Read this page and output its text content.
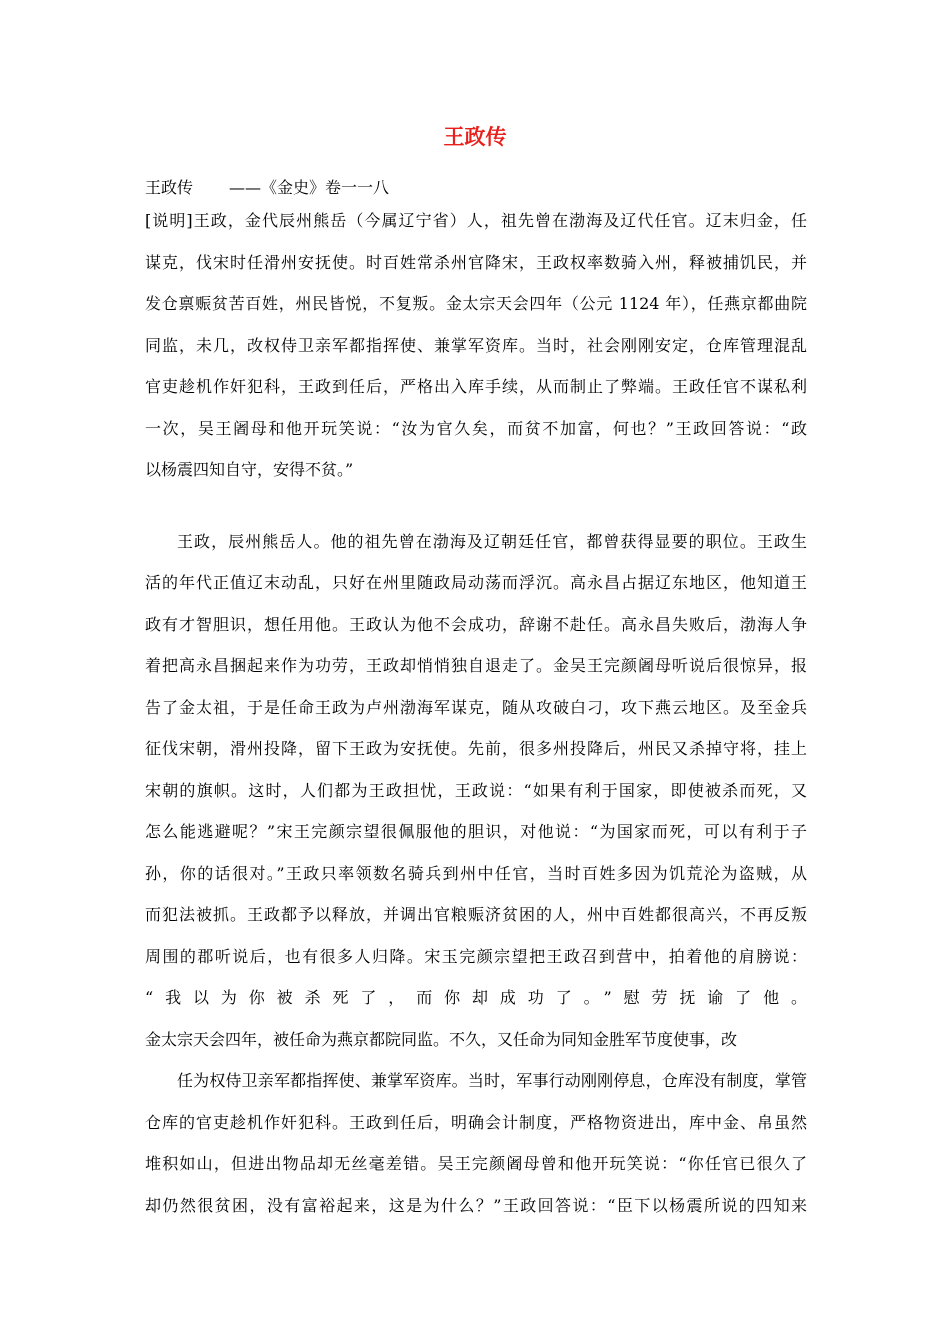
王政传
王政传 ——《金史》卷一一八
[说明]王政，金代辰州熊岳（今属辽宁省）人，祖先曾在渤海及辽代任官。辽末归金，任
谋克，伐宋时任滑州安抚使。时百姓常杀州官降宋，王政权率数骑入州，释被捕饥民，并
发仓禀赈贫苦百姓，州民皆悦，不复叛。金太宗天会四年（公元 1124 年），任燕京都曲院
同监，未几，改权侍卫亲军都指挥使、兼掌军资库。当时，社会刚刚安定，仓库管理混乱
官吏趁机作奸犯科，王政到任后，严格出入库手续，从而制止了弊端。王政任官不谋私利
一次，吴王阇母和他开玩笑说：“汝为官久矣，而贫不加富，何也？”王政回答说：“政
以杨震四知自守，安得不贫。”
王政，辰州熊岳人。他的祖先曾在渤海及辽朝廷任官，都曾获得显要的职位。王政生
活的年代正值辽末动乱，只好在州里随政局动荡而浮沉。高永昌占据辽东地区，他知道王
政有才智胆识，想任用他。王政认为他不会成功，辞谢不赴任。高永昌失败后，渤海人争
着把高永昌捆起来作为功劳，王政却悄悄独自退走了。金吴王完颜阇母听说后很惊异，报
告了金太祖，于是任命王政为卢州渤海军谋克，随从攻破白刁，攻下燕云地区。及至金兵
征伐宋朝，滑州投降，留下王政为安抚使。先前，很多州投降后，州民又杀掉守将，挂上
宋朝的旗帜。这时，人们都为王政担忧，王政说：“如果有利于国家，即使被杀而死，又
怎么能逃避呢？”宋王完颜宗望很佩服他的胆识，对他说：“为国家而死，可以有利于子
孙，你的话很对。”王政只率领数名骑兵到州中任官，当时百姓多因为饥荒沦为盗贼，从
而犯法被抓。王政都予以释放，并调出官粮赈济贫困的人，州中百姓都很高兴，不再反叛
周围的郡听说后，也有很多人归降。宋玉完颜宗望把王政召到营中，拍着他的肩膀说：
“我以为你被杀死了，而你却成功了。”慰劳抚谕了他。
金太宗天会四年，被任命为燕京都院同监。不久，又任命为同知金胜军节度使事，改
任为权侍卫亲军都指挥使、兼掌军资库。当时，军事行动刚刚停息，仓库没有制度，掌管
仓库的官吏趁机作奸犯科。王政到任后，明确会计制度，严格物资进出，库中金、帛虽然
堆积如山，但进出物品却无丝毫差错。吴王完颜阇母曾和他开玩笑说：“你任官已很久了
却仍然很贫困，没有富裕起来，这是为什么？”王政回答说：“臣下以杨震所说的四知来
